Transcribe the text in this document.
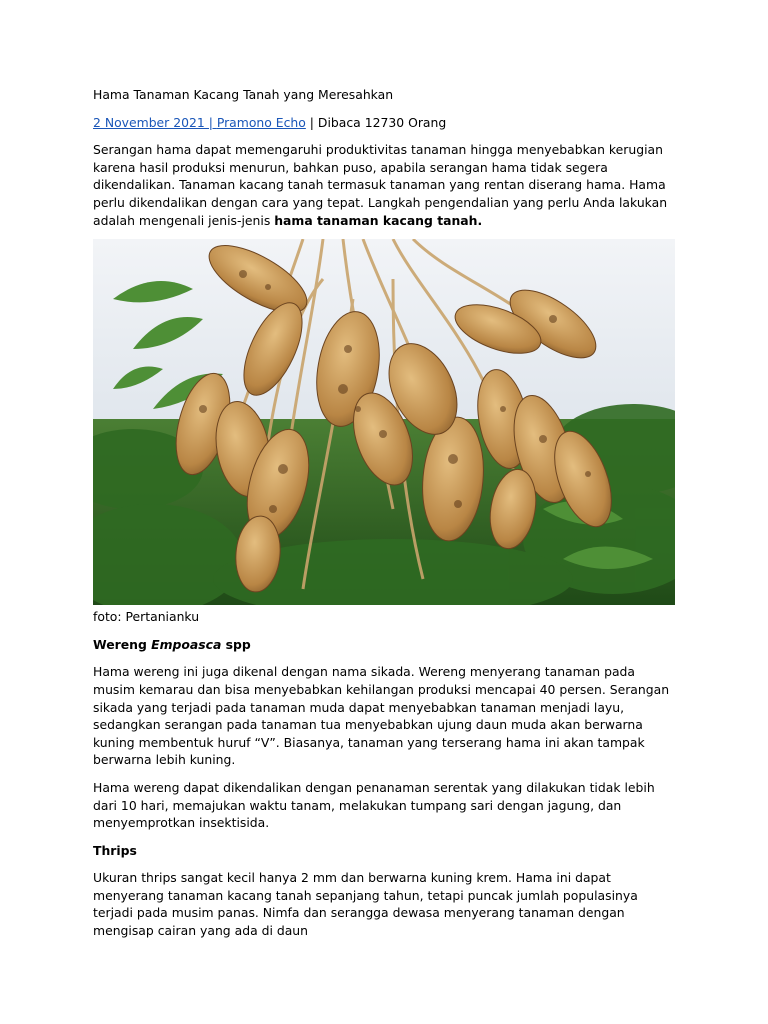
Hama Tanaman Kacang Tanah yang Meresahkan
2 November 2021 | Pramono Echo | Dibaca 12730 Orang

Serangan hama dapat memengaruhi produktivitas tanaman hingga menyebabkan kerugian karena hasil produksi menurun, bahkan puso, apabila serangan hama tidak segera dikendalikan. Tanaman kacang tanah termasuk tanaman yang rentan diserang hama. Hama perlu dikendalikan dengan cara yang tepat. Langkah pengendalian yang perlu Anda lakukan adalah mengenali jenis-jenis hama tanaman kacang tanah.

foto: Pertanianku
Wereng Empoasca spp

Hama wereng ini juga dikenal dengan nama sikada. Wereng menyerang tanaman pada musim kemarau dan bisa menyebabkan kehilangan produksi mencapai 40 persen. Serangan sikada yang terjadi pada tanaman muda dapat menyebabkan tanaman menjadi layu, sedangkan serangan pada tanaman tua menyebabkan ujung daun muda akan berwarna kuning membentuk huruf “V”. Biasanya, tanaman yang terserang hama ini akan tampak berwarna lebih kuning.

Hama wereng dapat dikendalikan dengan penanaman serentak yang dilakukan tidak lebih dari 10 hari, memajukan waktu tanam, melakukan tumpang sari dengan jagung, dan menyemprotkan insektisida.

Thrips

Ukuran thrips sangat kecil hanya 2 mm dan berwarna kuning krem. Hama ini dapat menyerang tanaman kacang tanah sepanjang tahun, tetapi puncak jumlah populasinya terjadi pada musim panas. Nimfa dan serangga dewasa menyerang tanaman dengan mengisap cairan yang ada di daun
